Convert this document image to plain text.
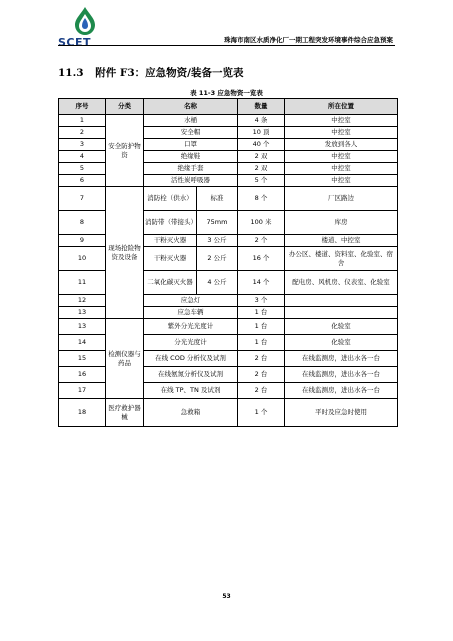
SCET	珠海市南区水质净化厂一期工程突发环境事件综合应急预案
11.3 附件 F3：应急物资/装备一览表
表 11-3 应急物资一览表
序号	分类	名称		数量	所在位置
1	安全防护物资	水桶		4 条	中控室
2		安全帽		10 顶	中控室
3		口罩		40 个	发放到各人
4		绝缘鞋		2 双	中控室
5		绝缘手套		2 双	中控室
6		活性炭呼吸器		5 个	中控室
7	现场抢险物资及设备	消防栓（供水）	标准	8 个	厂区路边
8		消防带（带接头）	75mm	100 米	库房
9		干粉灭火器	3 公斤	2 个	楼道、中控室
10		干粉灭火器	2 公斤	16 个	办公区、楼道、资料室、化验室、宿舍
11		二氧化碳灭火器	4 公斤	14 个	配电房、风机房、仪表室、化验室
12		应急灯		3 个	
13		应急车辆		1 台	
13	检测仪器与药品	紫外分光光度计		1 台	化验室
14		分光光度计		1 台	化验室
15		在线 COD 分析仪及试剂		2 台	在线监测房，进出水各一台
16		在线氨氮分析仪及试剂		2 台	在线监测房，进出水各一台
17		在线 TP、TN 及试剂		2 台	在线监测房，进出水各一台
18	医疗救护器械	急救箱		1 个	平时及应急时使用
53
